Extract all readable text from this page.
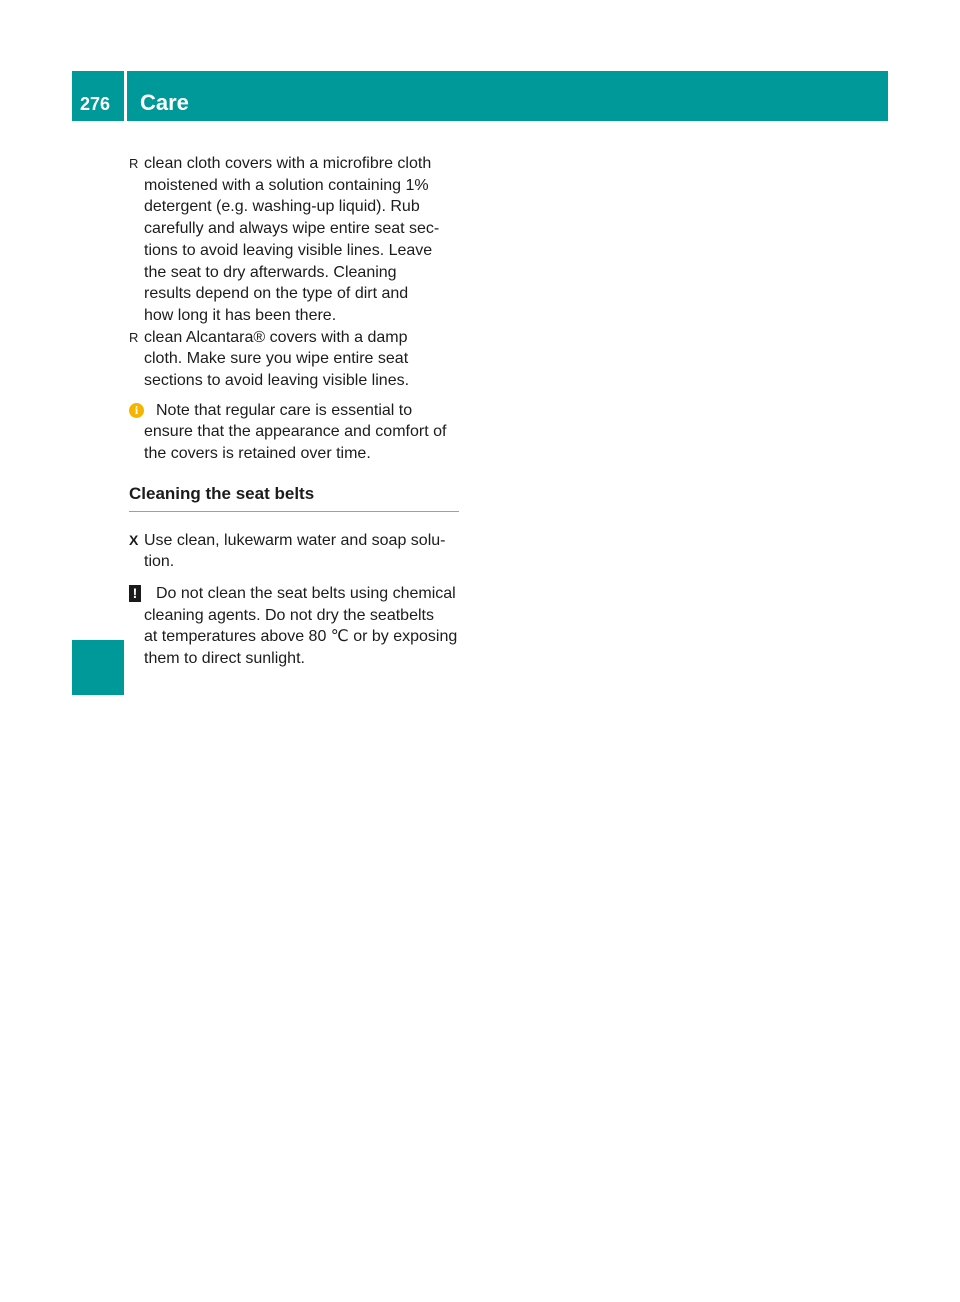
276	Care
Maintenance and care
R clean cloth covers with a microfibre cloth
moistened with a solution containing 1%
detergent (e.g. washing-up liquid). Rub
carefully and always wipe entire seat sec-
tions to avoid leaving visible lines. Leave
the seat to dry afterwards. Cleaning
results depend on the type of dirt and
how long it has been there.
R clean Alcantara® covers with a damp
cloth. Make sure you wipe entire seat
sections to avoid leaving visible lines.
i	Note that regular care is essential to
ensure that the appearance and comfort of
the covers is retained over time.
Cleaning the seat belts
X Use clean, lukewarm water and soap solu-
tion.
!	Do not clean the seat belts using chemical
cleaning agents. Do not dry the seatbelts
at temperatures above 80 ℃ or by exposing
them to direct sunlight.
